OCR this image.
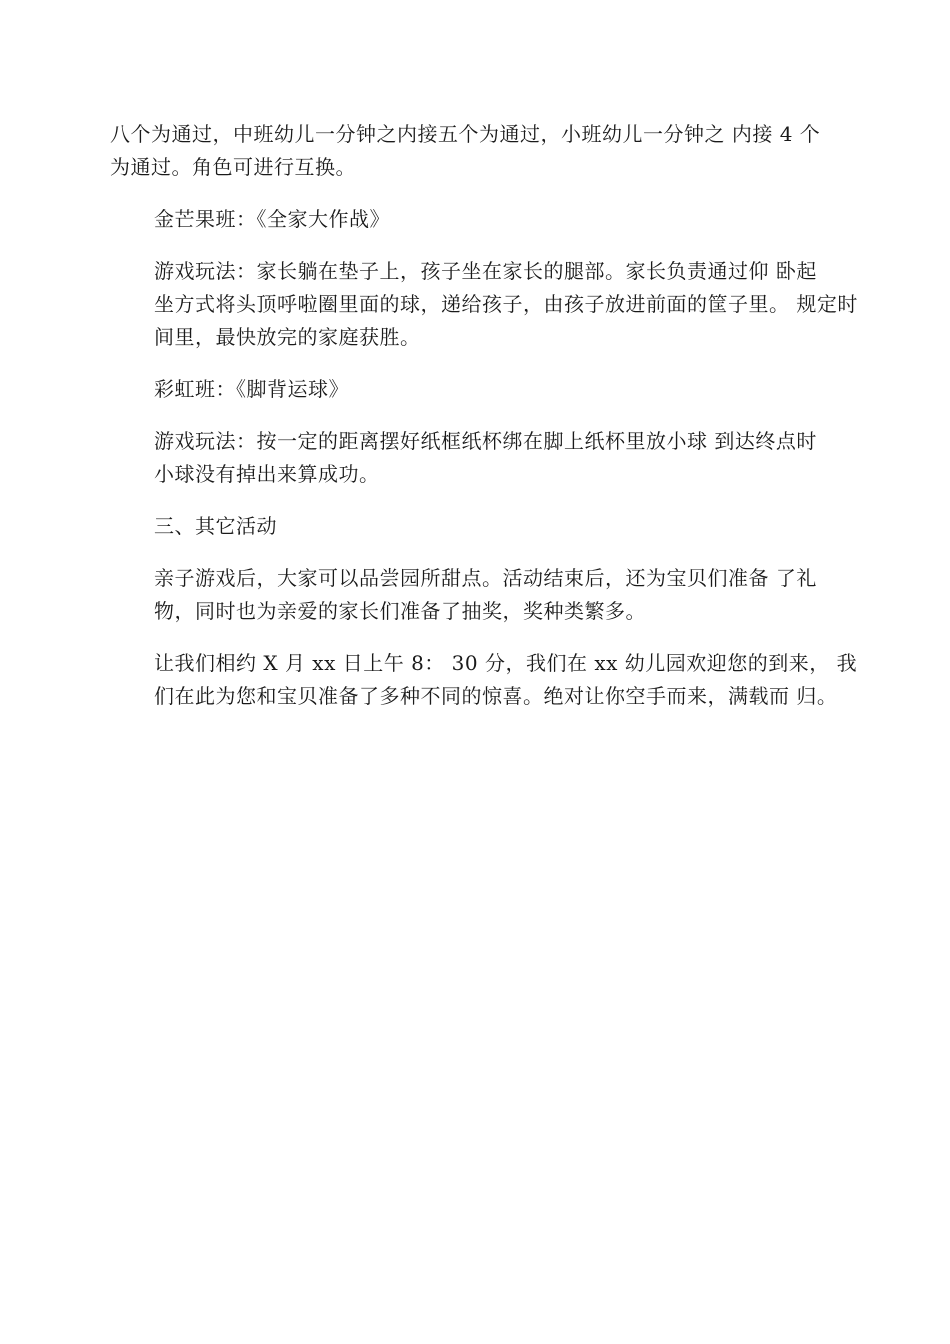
八个为通过，中班幼儿一分钟之内接五个为通过，小班幼儿一分钟之 内接 4 个
为通过。角色可进行互换。

金芒果班：《全家大作战》

游戏玩法：家长躺在垫子上，孩子坐在家长的腿部。家长负责通过仰 卧起
坐方式将头顶呼啦圈里面的球，递给孩子，由孩子放进前面的筐子里。 规定时
间里，最快放完的家庭获胜。

彩虹班：《脚背运球》

游戏玩法：按一定的距离摆好纸框纸杯绑在脚上纸杯里放小球 到达终点时
小球没有掉出来算成功。

三、其它活动

亲子游戏后，大家可以品尝园所甜点。活动结束后，还为宝贝们准备 了礼
物，同时也为亲爱的家长们准备了抽奖，奖种类繁多。

让我们相约 X 月 xx 日上午 8： 30 分，我们在 xx 幼儿园欢迎您的到来， 我
们在此为您和宝贝准备了多种不同的惊喜。绝对让你空手而来，满载而 归。
